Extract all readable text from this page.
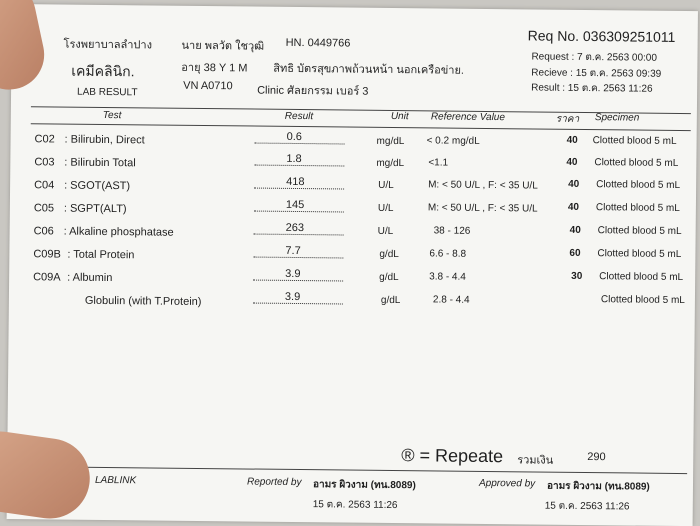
โรงพยาบาลลำปาง
เคมีคลินิก.
LAB RESULT
นาย พลวัต ใชวุฒิ HN. 0449766
อายุ 38 Y 1 M สิทธิ บัตรสุขภาพถ้วนหน้า นอกเครือข่าย.
VN A0710 Clinic ศัลยกรรม เบอร์ 3
Req No. 036309251011
Request : 7 ต.ค. 2563 00:00
Recieve : 15 ต.ค. 2563 09:39
Result : 15 ต.ค. 2563 11:26
Test	Result	Unit Reference Value	ราคา Specimen
C02 : Bilirubin, Direct	0.6	mg/dL < 0.2 mg/dL	40 Clotted blood 5 mL
C03 : Bilirubin Total	1.8	mg/dL <1.1	40 Clotted blood 5 mL
C04 : SGOT(AST)	418	U/L	M: < 50 U/L , F: < 35 U/L	40 Clotted blood 5 mL
C05 : SGPT(ALT)	145	U/L	M: < 50 U/L , F: < 35 U/L	40 Clotted blood 5 mL
C06 : Alkaline phosphatase	263	U/L	38 - 126	40 Clotted blood 5 mL
C09B : Total Protein	7.7	g/dL	6.6 - 8.8	60 Clotted blood 5 mL
C09A : Albumin	3.9	g/dL	3.8 - 4.4	30 Clotted blood 5 mL
Globulin (with T.Protein)	3.9	g/dL	2.8 - 4.4	Clotted blood 5 mL
® = Repeate รวมเงิน	290
LABLINK	Reported by อามร ผิวงาม (ทน.8089)
15 ต.ค. 2563 11:26
Approved by อามร ผิวงาม (ทน.8089)
15 ต.ค. 2563 11:26
